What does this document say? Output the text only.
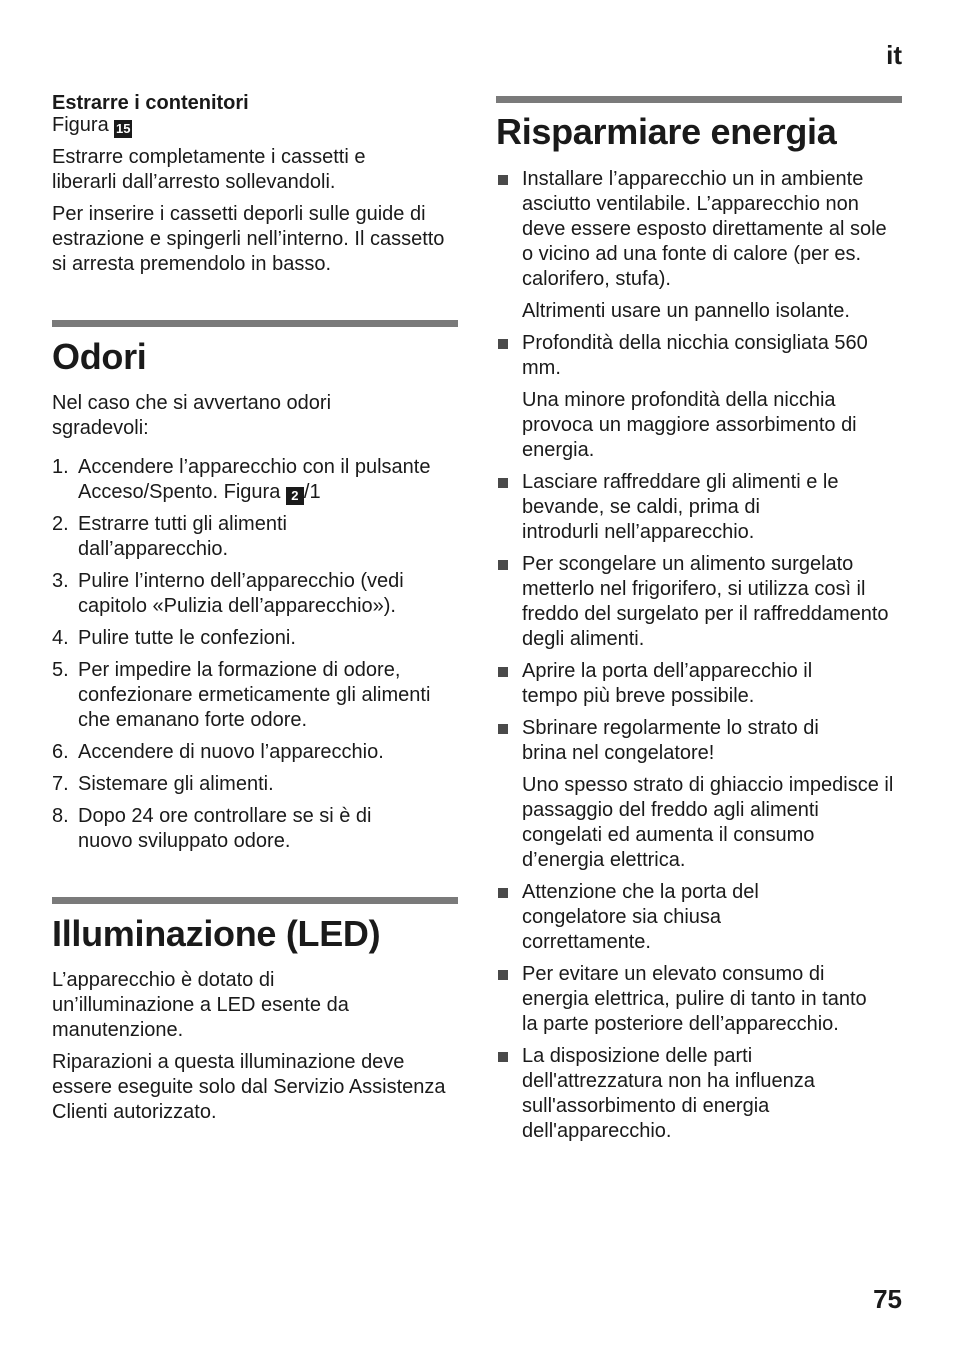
it
Estrarre i contenitori
Figura 15

Estrarre completamente i cassetti e liberarli dall’arresto sollevandoli.

Per inserire i cassetti deporli sulle guide di estrazione e spingerli nell’interno. Il cassetto si arresta premendolo in basso.

Odori

Nel caso che si avvertano odori sgradevoli:

1. Accendere l’apparecchio con il pulsante Acceso/Spento. Figura 2 /1
2. Estrarre tutti gli alimenti dall’apparecchio.
3. Pulire l’interno dell’apparecchio (vedi capitolo «Pulizia dell’apparecchio»).
4. Pulire tutte le confezioni.
5. Per impedire la formazione di odore, confezionare ermeticamente gli alimenti che emanano forte odore.
6. Accendere di nuovo l’apparecchio.
7. Sistemare gli alimenti.
8. Dopo 24 ore controllare se si è di nuovo sviluppato odore.
Illuminazione (LED)

L’apparecchio è dotato di un’illuminazione a LED esente da manutenzione.

Riparazioni a questa illuminazione deve essere eseguite solo dal Servizio Assistenza Clienti autorizzato.

Risparmiare energia

Installare l’apparecchio un in ambiente asciutto ventilabile. L’apparecchio non deve essere esposto direttamente al sole o vicino ad una fonte di calore (per es. calorifero, stufa).

Altrimenti usare un pannello isolante.

Profondità della nicchia consigliata 560 mm.

Una minore profondità della nicchia provoca un maggiore assorbimento di energia.

Lasciare raffreddare gli alimenti e le bevande, se caldi, prima di introdurli nell’apparecchio.

Per scongelare un alimento surgelato metterlo nel frigorifero, si utilizza così il freddo del surgelato per il raffreddamento degli alimenti.

Aprire la porta dell’apparecchio il tempo più breve possibile.

Sbrinare regolarmente lo strato di brina nel congelatore!

Uno spesso strato di ghiaccio impedisce il passaggio del freddo agli alimenti congelati ed aumenta il consumo d’energia elettrica.

Attenzione che la porta del congelatore sia chiusa correttamente.

Per evitare un elevato consumo di energia elettrica, pulire di tanto in tanto la parte posteriore dell’apparecchio.

La disposizione delle parti dell'attrezzatura non ha influenza sull'assorbimento di energia dell'apparecchio.

75
